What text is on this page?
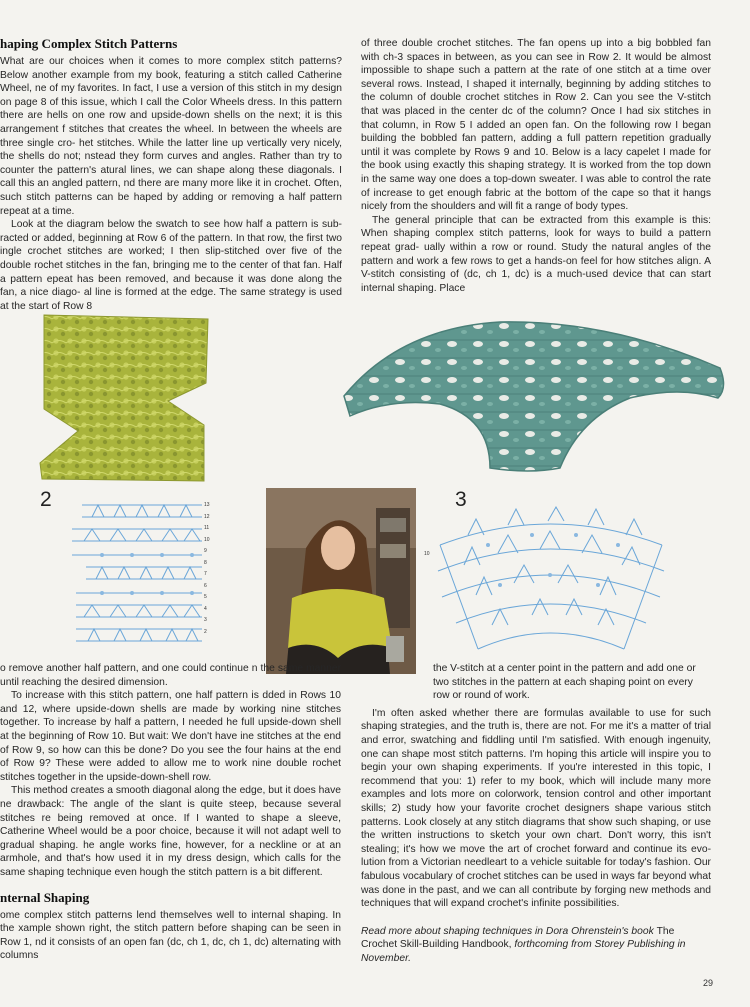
haping Complex Stitch Patterns

What are our choices when it comes to more complex stitch patterns? Below another example from my book, featuring a stitch called Catherine Wheel, ne of my favorites. In fact, I use a version of this stitch in my design on page 8 of this issue, which I call the Color Wheels dress. In this pattern there are hells on one row and upside-down shells on the next; it is this arrangement f stitches that creates the wheel. In between the wheels are three single cro- het stitches. While the latter line up vertically very nicely, the shells do not; nstead they form curves and angles. Rather than try to counter the pattern's atural lines, we can shape along these diagonals. I call this an angled pattern, nd there are many more like it in crochet. Often, such stitch patterns can be haped by adding or removing a half pattern repeat at a time.

Look at the diagram below the swatch to see how half a pattern is sub- racted or added, beginning at Row 6 of the pattern. In that row, the first two ingle crochet stitches are worked; I then slip-stitched over five of the double rochet stitches in the fan, bringing me to the center of that fan. Half a pattern epeat has been removed, and because it was done along the fan, a nice diago- al line is formed at the edge. The same strategy is used at the start of Row 8

of three double crochet stitches. The fan opens up into a big bobbled fan with ch-3 spaces in between, as you can see in Row 2. It would be almost impossible to shape such a pattern at the rate of one stitch at a time over several rows. Instead, I shaped it internally, beginning by adding stitches to the column of double crochet stitches in Row 2. Can you see the V-stitch that was placed in the center dc of the column? Once I had six stitches in that column, in Row 5 I added an open fan. On the following row I began building the bobbled fan pattern, adding a full pattern repetition gradually until it was complete by Rows 9 and 10. Below is a lacy capelet I made for the book using exactly this shaping strategy. It is worked from the top down in the same way one does a top-down sweater. I was able to control the rate of increase to get enough fabric at the bottom of the cape so that it hangs nicely from the shoulders and will fit a range of body types.

The general principle that can be extracted from this example is this: When shaping complex stitch patterns, look for ways to build a pattern repeat grad- ually within a row or round. Study the natural angles of the pattern and work a few rows to get a hands-on feel for how stitches align. A V-stitch consisting of (dc, ch 1, dc) is a much-used device that can start internal shaping. Place

2	13
12
11
10
9
8
7
6
5
4
3
2
3
10

o remove another half pattern, and one could continue n the same manner until reaching the desired dimension.

To increase with this stitch pattern, one half pattern is dded in Rows 10 and 12, where upside-down shells are made by working nine stitches together. To increase by half a pattern, I needed he full upside-down shell at the beginning of Row 10. But wait: We don't have ine stitches at the end of Row 9, so how can this be done? Do you see the four hains at the end of Row 9? These were added to allow me to work nine double rochet stitches together in the upside-down-shell row.

This method creates a smooth diagonal along the edge, but it does have ne drawback: The angle of the slant is quite steep, because several stitches re being removed at once. If I wanted to shape a sleeve, Catherine Wheel would be a poor choice, because it will not adapt well to gradual shaping. he angle works fine, however, for a neckline or at an armhole, and that's how used it in my dress design, which calls for the same shaping technique even hough the stitch pattern is a bit different.

nternal Shaping

ome complex stitch patterns lend themselves well to internal shaping. In the xample shown right, the stitch pattern before shaping can be seen in Row 1, nd it consists of an open fan (dc, ch 1, dc, ch 1, dc) alternating with columns

the V-stitch at a center point in the pattern and add one or two stitches in the pattern at each shaping point on every row or round of work.

I'm often asked whether there are formulas available to use for such shaping strategies, and the truth is, there are not. For me it's a matter of trial and error, swatching and fiddling until I'm satisfied. With enough ingenuity, one can shape most stitch patterns. I'm hoping this article will inspire you to begin your own shaping experiments. If you're interested in this topic, I recommend that you: 1) refer to my book, which will include many more examples and lots more on colorwork, tension control and other important skills; 2) study how your favorite crochet designers shape various stitch patterns. Look closely at any stitch diagrams that show such shaping, or use the written instructions to sketch your own chart. Don't worry, this isn't stealing; it's how we move the art of crochet forward and continue its evo- lution from a Victorian needleart to a vehicle suitable for today's fashion. Our fabulous vocabulary of crochet stitches can be used in ways far beyond what was done in the past, and we can all contribute by forging new methods and techniques that will expand crochet's infinite possibilities.

Read more about shaping techniques in Dora Ohrenstein's book The Crochet Skill-Building Handbook, forthcoming from Storey Publishing in November.

29
